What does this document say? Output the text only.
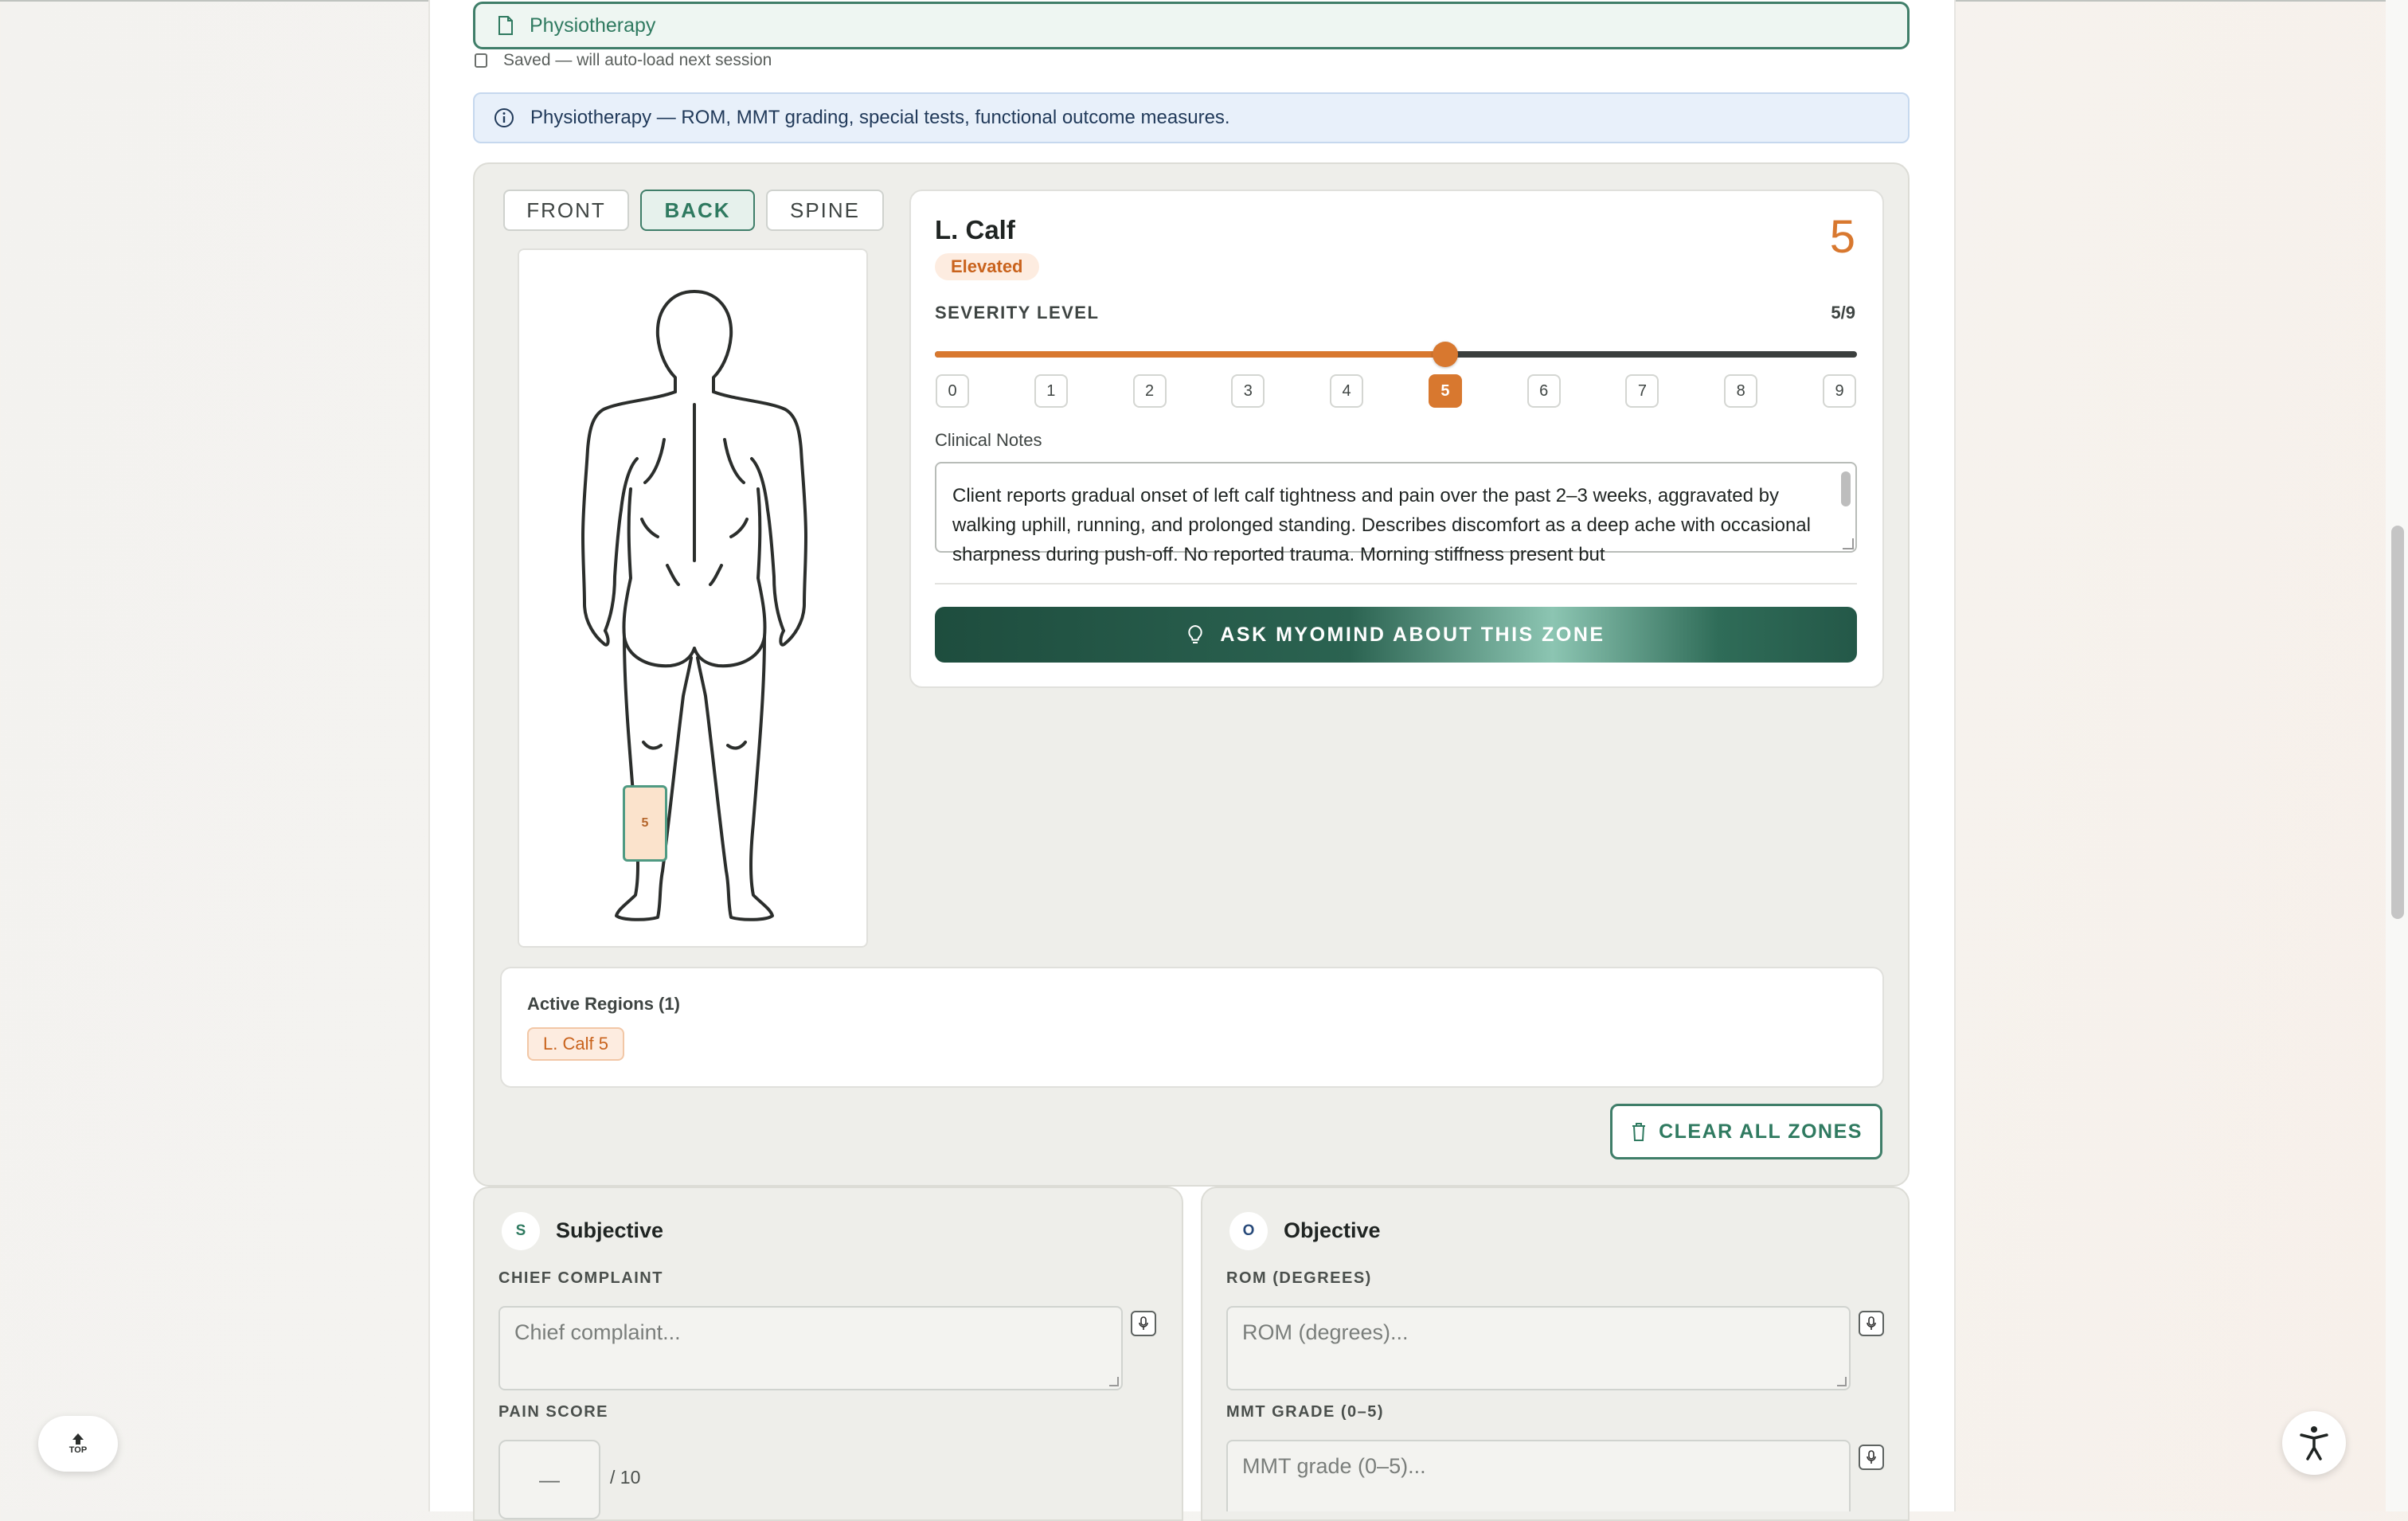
Physiotherapy
Saved — will auto-load next session
Physiotherapy — ROM, MMT grading, special tests, functional outcome measures.
FRONT	BACK	SPINE
5
L. Calf
Elevated
5
SEVERITY LEVEL	5/9
0	1	2	3	4	5	6	7	8	9
Clinical Notes
Client reports gradual onset of left calf tightness and pain over the past 2–3 weeks, aggravated by walking uphill, running, and prolonged standing. Describes discomfort as a deep ache with occasional sharpness during push-off. No reported trauma. Morning stiffness present but
ASK MYOMIND ABOUT THIS ZONE
Active Regions (1)
L. Calf 5
CLEAR ALL ZONES
S	Subjective
CHIEF COMPLAINT
Chief complaint...
PAIN SCORE
—	/ 10
O	Objective
ROM (DEGREES)
ROM (degrees)...
MMT GRADE (0–5)
MMT grade (0–5)...
TOP
